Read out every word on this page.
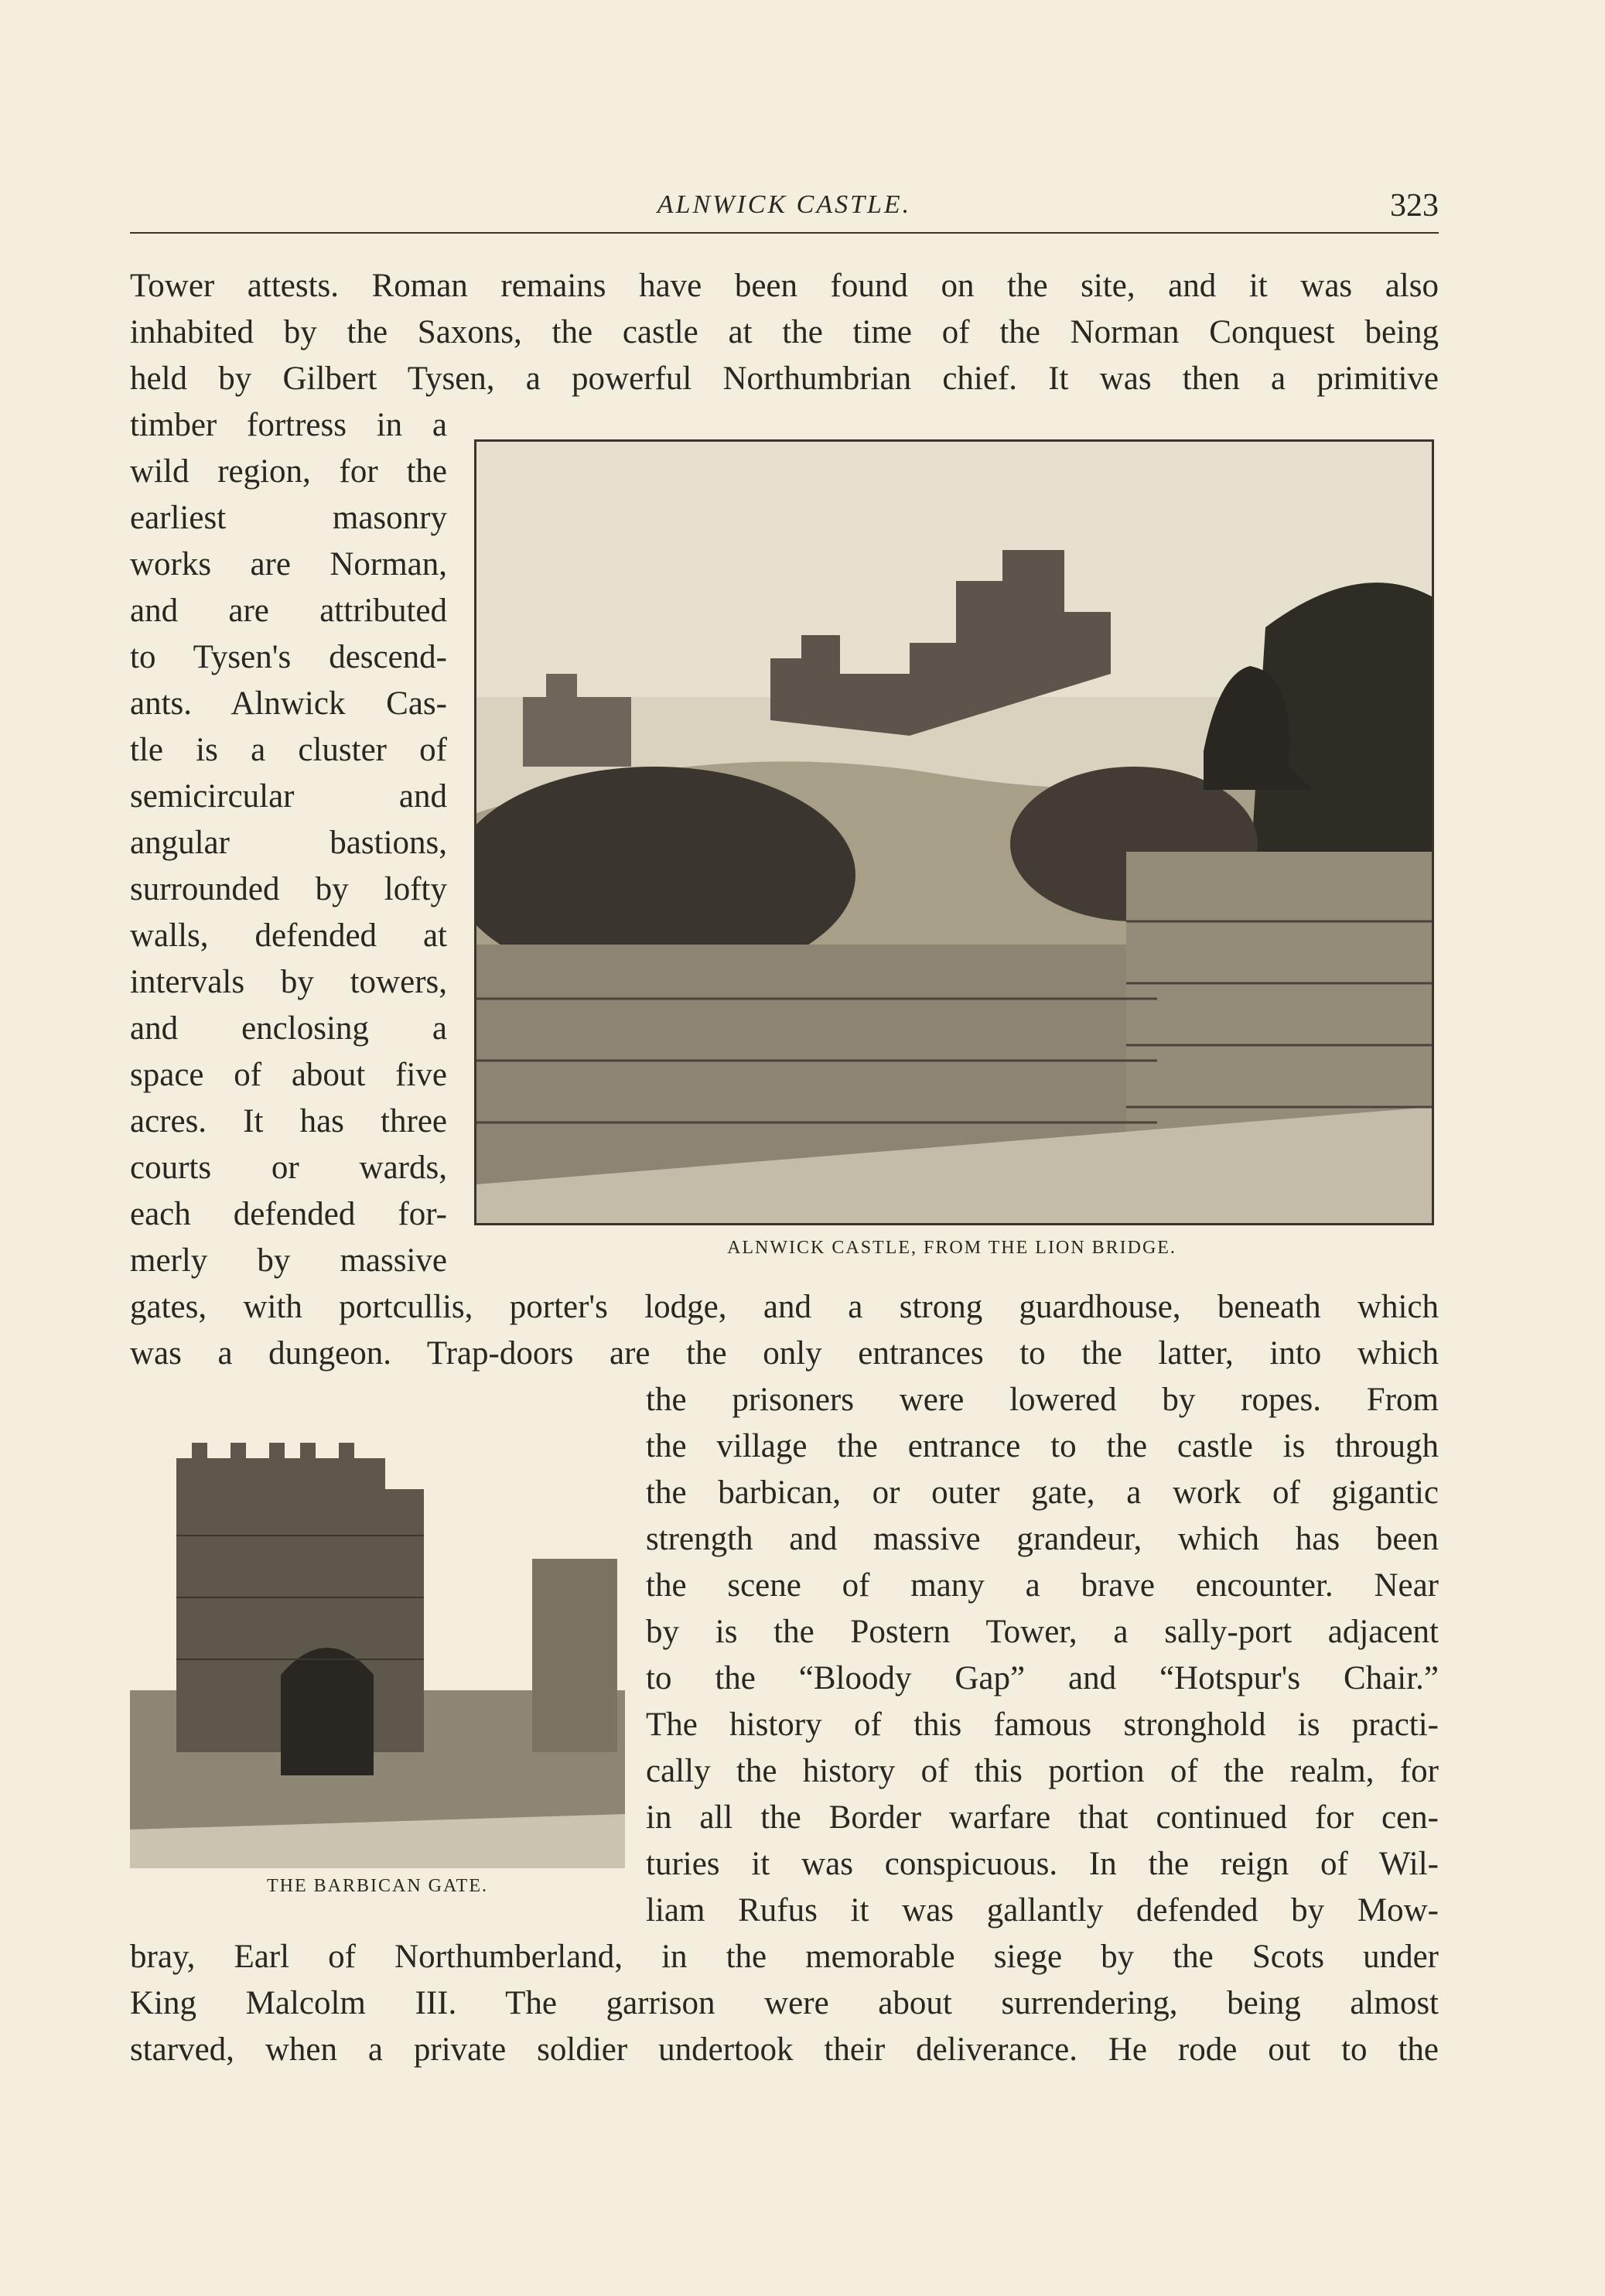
ALNWICK CASTLE.	323
Tower attests. Roman remains have been found on the site, and it was also
inhabited by the Saxons, the castle at the time of the Norman Conquest being
held by Gilbert Tysen, a powerful Northumbrian chief. It was then a primitive
timber fortress in a
wild region, for the
earliest masonry
works are Norman,
and are attributed
to Tysen's descend-
ants. Alnwick Cas-
tle is a cluster of
semicircular and
angular bastions,
surrounded by lofty
walls, defended at
intervals by towers,
and enclosing a
space of about five
acres. It has three
courts or wards,
each defended for-
merly by massive	ALNWICK CASTLE, FROM THE LION BRIDGE.
gates, with portcullis, porter's lodge, and a strong guardhouse, beneath which
was a dungeon. Trap-doors are the only entrances to the latter, into which
THE BARBICAN GATE.
the prisoners were lowered by ropes. From
the village the entrance to the castle is through
the barbican, or outer gate, a work of gigantic
strength and massive grandeur, which has been
the scene of many a brave encounter. Near
by is the Postern Tower, a sally-port adjacent
to the “Bloody Gap” and “Hotspur's Chair.”
The history of this famous stronghold is practi-
cally the history of this portion of the realm, for
in all the Border warfare that continued for cen-
turies it was conspicuous. In the reign of Wil-
liam Rufus it was gallantly defended by Mow-
bray, Earl of Northumberland, in the memorable siege by the Scots under
King Malcolm III. The garrison were about surrendering, being almost
starved, when a private soldier undertook their deliverance. He rode out to the
